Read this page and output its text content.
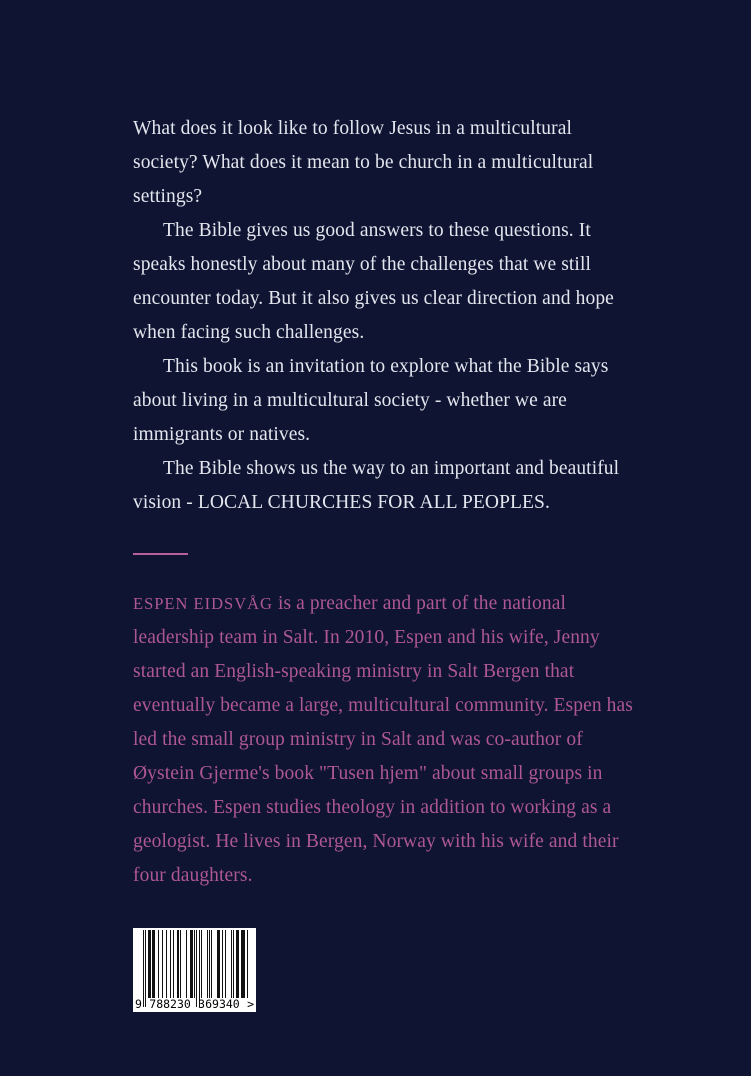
What does it look like to follow Jesus in a multicultural society? What does it mean to be church in a multicultural settings?

The Bible gives us good answers to these questions. It speaks honestly about many of the challenges that we still encounter today. But it also gives us clear direction and hope when facing such challenges.

This book is an invitation to explore what the Bible says about living in a multicultural society - whether we are immigrants or natives.

The Bible shows us the way to an important and beautiful vision - LOCAL CHURCHES FOR ALL PEOPLES.

ESPEN EIDSVÅG is a preacher and part of the national leadership team in Salt. In 2010, Espen and his wife, Jenny started an English-speaking ministry in Salt Bergen that eventually became a large, multicultural community. Espen has led the small group ministry in Salt and was co-author of Øystein Gjerme's book "Tusen hjem" about small groups in churches. Espen studies theology in addition to working as a geologist. He lives in Bergen, Norway with his wife and their four daughters.

9 788230 369340 >
